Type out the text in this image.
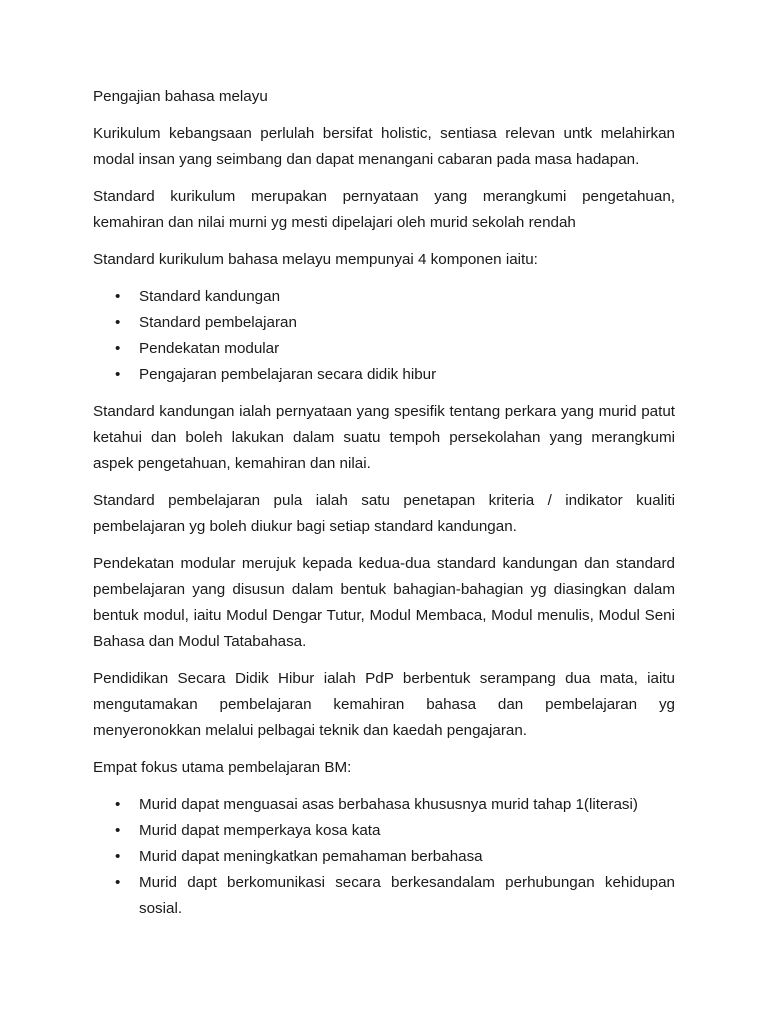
Pengajian bahasa melayu

Kurikulum kebangsaan perlulah bersifat holistic, sentiasa relevan untk melahirkan modal insan yang seimbang dan dapat menangani cabaran pada masa hadapan.

Standard kurikulum merupakan pernyataan yang merangkumi pengetahuan, kemahiran dan nilai murni yg mesti dipelajari oleh murid sekolah rendah

Standard kurikulum bahasa melayu mempunyai 4 komponen iaitu:

• Standard kandungan
• Standard pembelajaran
• Pendekatan modular
• Pengajaran pembelajaran secara didik hibur

Standard kandungan ialah pernyataan yang spesifik tentang perkara yang murid patut ketahui dan boleh lakukan dalam suatu tempoh persekolahan yang merangkumi aspek pengetahuan, kemahiran dan nilai.

Standard pembelajaran pula ialah satu penetapan kriteria / indikator kualiti pembelajaran yg boleh diukur bagi setiap standard kandungan.

Pendekatan modular merujuk kepada kedua-dua standard kandungan dan standard pembelajaran yang disusun dalam bentuk bahagian-bahagian yg diasingkan dalam bentuk modul, iaitu Modul Dengar Tutur, Modul Membaca, Modul menulis, Modul Seni Bahasa dan Modul Tatabahasa.

Pendidikan Secara Didik Hibur ialah PdP berbentuk serampang dua mata, iaitu mengutamakan pembelajaran kemahiran bahasa dan pembelajaran yg menyeronokkan melalui pelbagai teknik dan kaedah pengajaran.

Empat fokus utama pembelajaran BM:

• Murid dapat menguasai asas berbahasa khususnya murid tahap 1(literasi)
• Murid dapat memperkaya kosa kata
• Murid dapat meningkatkan pemahaman berbahasa
• Murid dapt berkomunikasi secara berkesandalam perhubungan kehidupan sosial.
